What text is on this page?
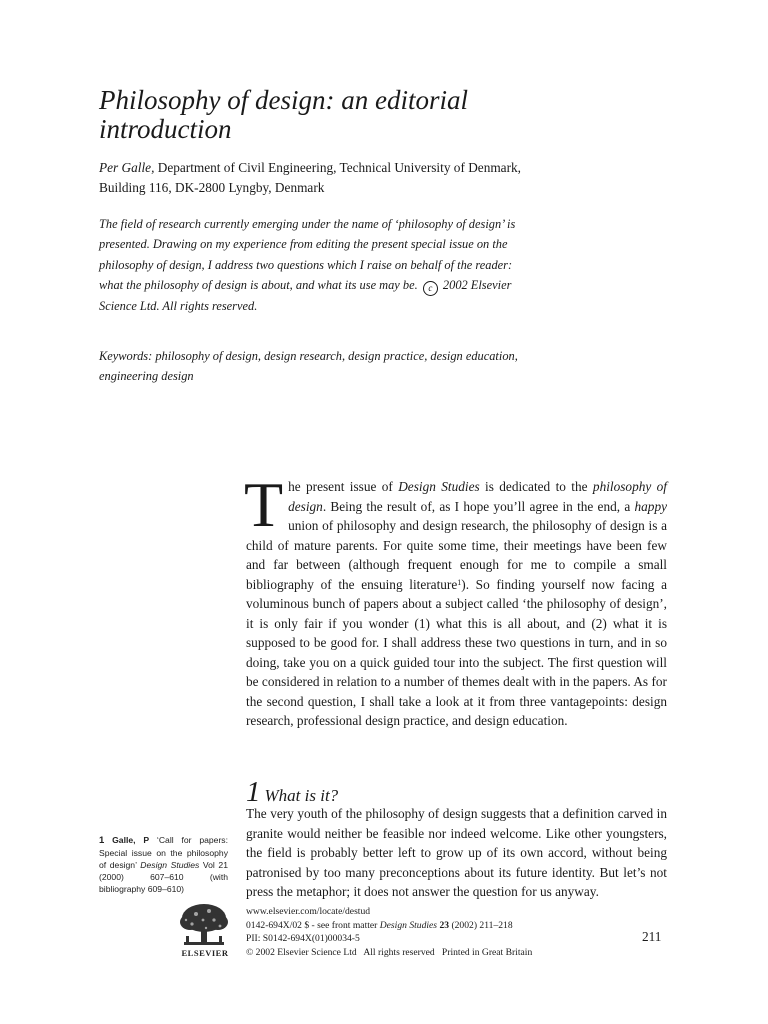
Philosophy of design: an editorial introduction
Per Galle, Department of Civil Engineering, Technical University of Denmark, Building 116, DK-2800 Lyngby, Denmark
The field of research currently emerging under the name of ‘philosophy of design’ is presented. Drawing on my experience from editing the present special issue on the philosophy of design, I address two questions which I raise on behalf of the reader: what the philosophy of design is about, and what its use may be. c 2002 Elsevier Science Ltd. All rights reserved.
Keywords: philosophy of design, design research, design practice, design education, engineering design
The present issue of Design Studies is dedicated to the philosophy of design. Being the result of, as I hope you’ll agree in the end, a happy union of philosophy and design research, the philosophy of design is a child of mature parents. For quite some time, their meetings have been few and far between (although frequent enough for me to compile a small bibliography of the ensuing literature$^1$). So finding yourself now facing a voluminous bunch of papers about a subject called ‘the philosophy of design’, it is only fair if you wonder (1) what this is all about, and (2) what it is supposed to be good for. I shall address these two questions in turn, and in so doing, take you on a quick guided tour into the subject. The first question will be considered in relation to a number of themes dealt with in the papers. As for the second question, I shall take a look at it from three vantagepoints: design research, professional design practice, and design education.
1 What is it?
The very youth of the philosophy of design suggests that a definition carved in granite would neither be feasible nor indeed welcome. Like other youngsters, the field is probably better left to grow up of its own accord, without being patronised by too many preconceptions about its future identity. But let’s not press the metaphor; it does not answer the question for us anyway.
1 Galle, P ‘Call for papers: Special issue on the philosophy of design’ Design Studies Vol 21 (2000) 607–610 (with bibliography 609–610)
ELSEVIER
www.elsevier.com/locate/destud
0142-694X/02 $ - see front matter Design Studies 23 (2002) 211–218
PII: S0142-694X(01)00034-5
© 2002 Elsevier Science Ltd   All rights reserved   Printed in Great Britain
211
